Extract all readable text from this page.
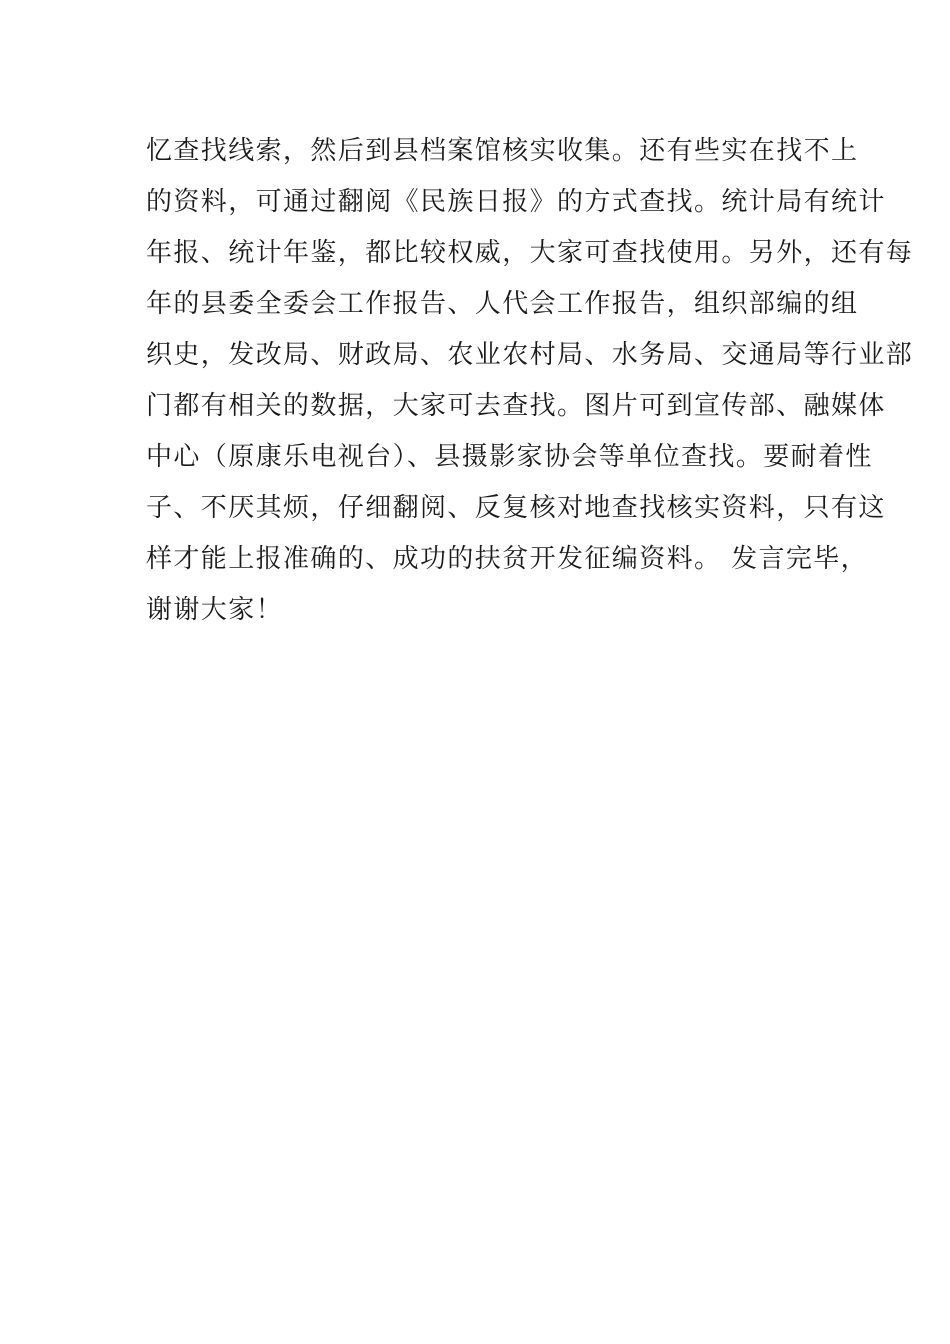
忆查找线索，然后到县档案馆核实收集。还有些实在找不上
的资料，可通过翻阅《民族日报》的方式查找。统计局有统计
年报、统计年鉴，都比较权威，大家可查找使用。另外，还有每
年的县委全委会工作报告、人代会工作报告，组织部编的组
织史，发改局、财政局、农业农村局、水务局、交通局等行业部
门都有相关的数据，大家可去查找。图片可到宣传部、融媒体
中心（原康乐电视台）、县摄影家协会等单位查找。要耐着性
子、不厌其烦，仔细翻阅、反复核对地查找核实资料，只有这
样才能上报准确的、成功的扶贫开发征编资料。 发言完毕，
谢谢大家！
